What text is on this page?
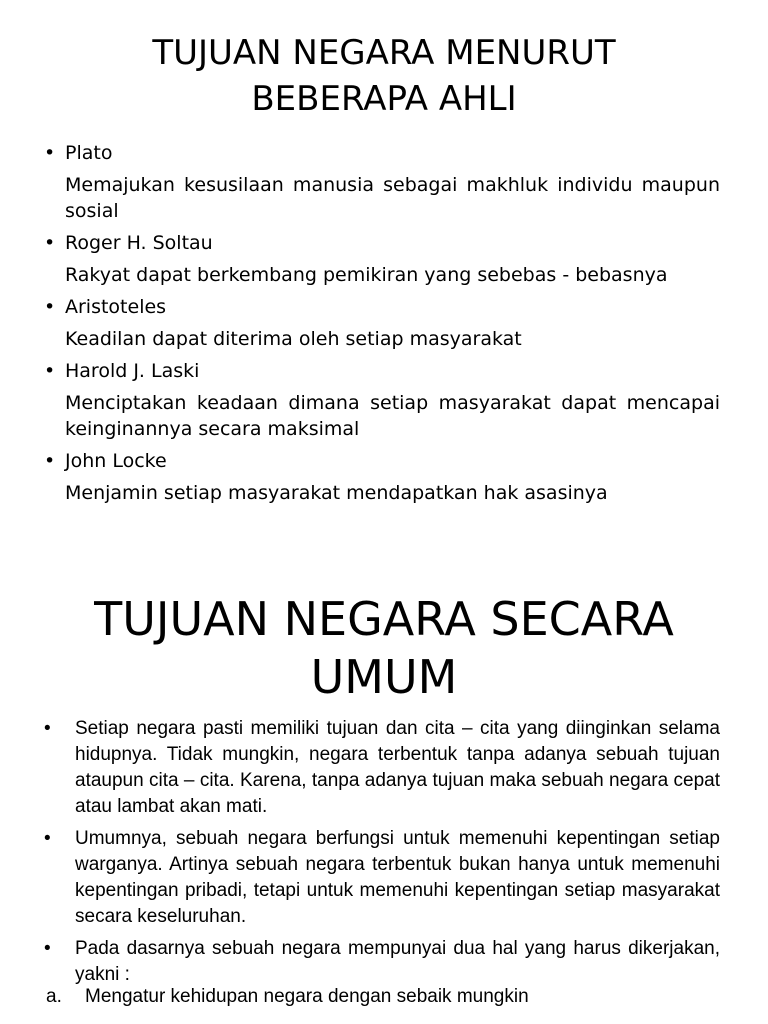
TUJUAN NEGARA MENURUT
BEBERAPA AHLI
• Plato
Memajukan kesusilaan manusia sebagai makhluk individu maupun sosial
• Roger H. Soltau
Rakyat dapat berkembang pemikiran yang sebebas - bebasnya
• Aristoteles
Keadilan dapat diterima oleh setiap masyarakat
• Harold J. Laski
Menciptakan keadaan dimana setiap masyarakat dapat mencapai keinginannya secara maksimal
• John Locke
Menjamin setiap masyarakat mendapatkan hak asasinya
TUJUAN NEGARA SECARA
UMUM
• Setiap negara pasti memiliki tujuan dan cita – cita yang diinginkan selama hidupnya. Tidak mungkin, negara terbentuk tanpa adanya sebuah tujuan ataupun cita – cita. Karena, tanpa adanya tujuan maka sebuah negara cepat atau lambat akan mati.
• Umumnya, sebuah negara berfungsi untuk memenuhi kepentingan setiap warganya. Artinya sebuah negara terbentuk bukan hanya untuk memenuhi kepentingan pribadi, tetapi untuk memenuhi kepentingan setiap masyarakat secara keseluruhan.
• Pada dasarnya sebuah negara mempunyai dua hal yang harus dikerjakan, yakni :
a. Mengatur kehidupan negara dengan sebaik mungkin
